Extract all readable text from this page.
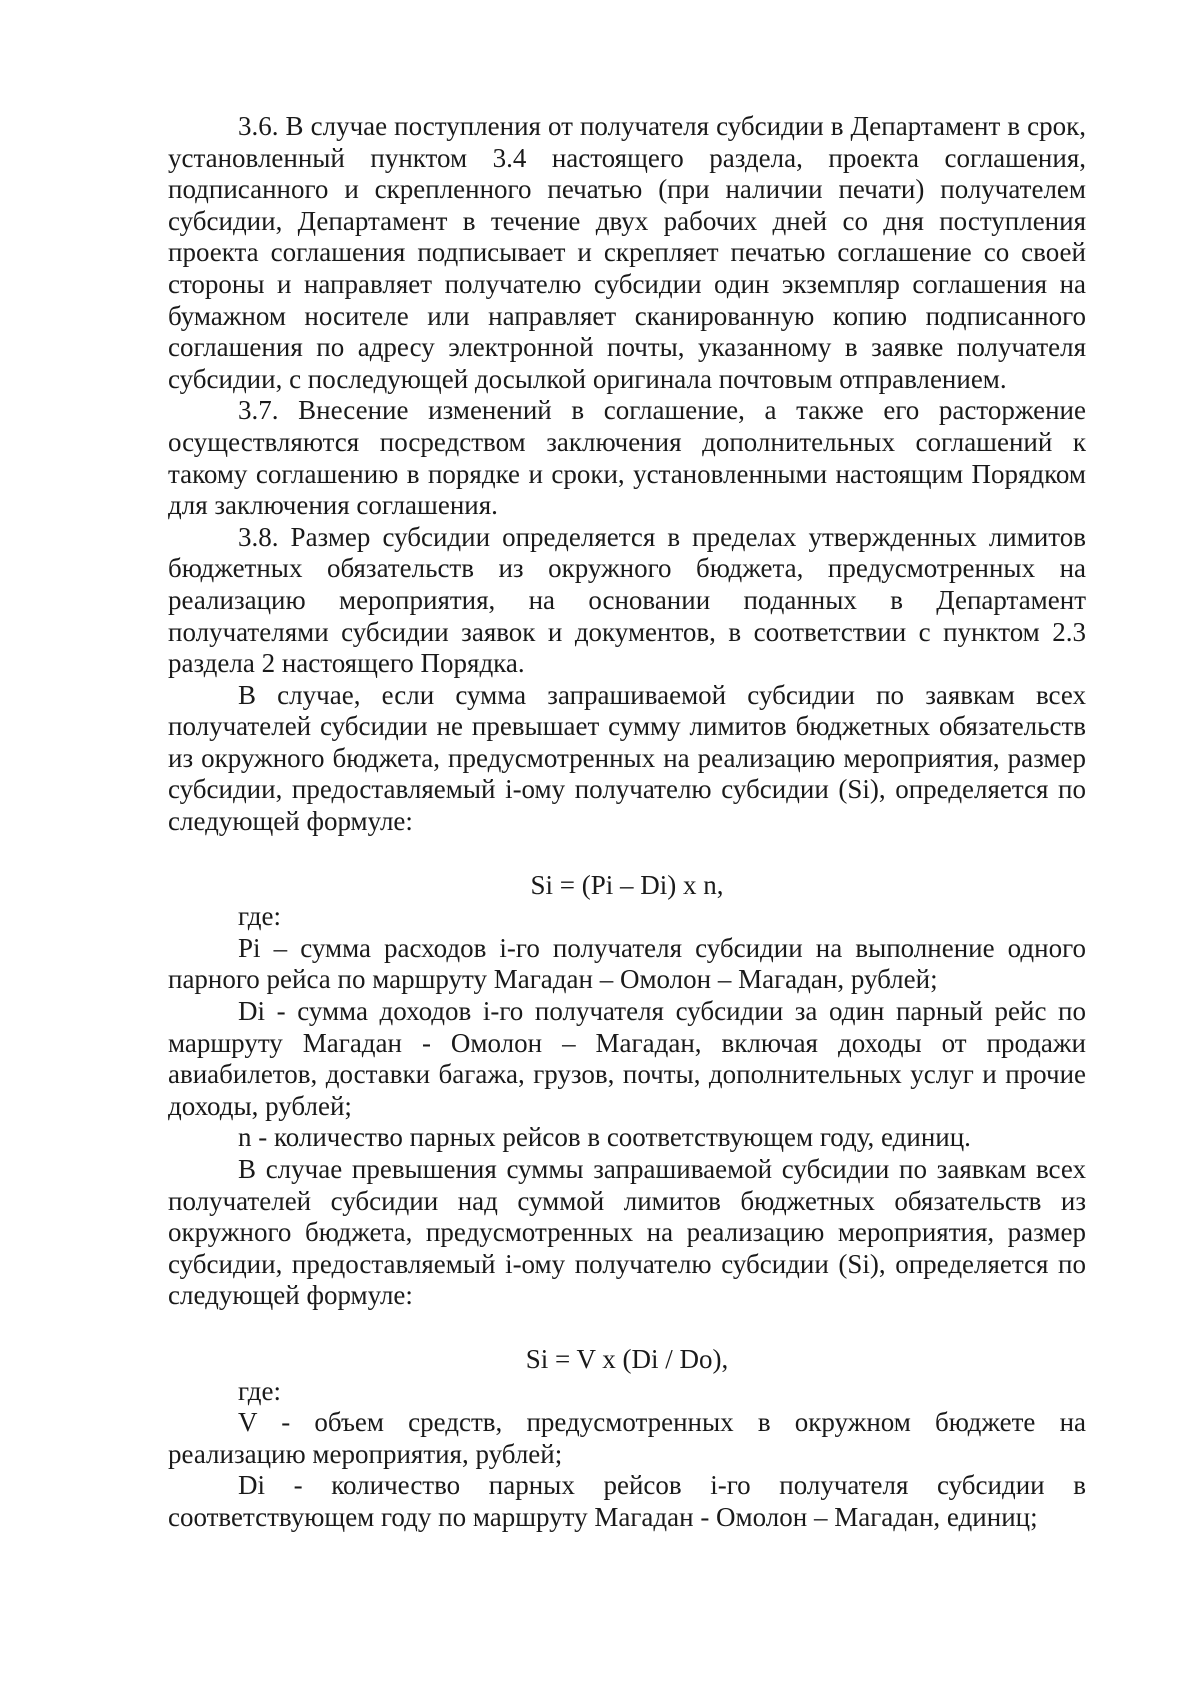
3.6. В случае поступления от получателя субсидии в Департамент в срок, установленный пунктом 3.4 настоящего раздела, проекта соглашения, подписанного и скрепленного печатью (при наличии печати) получателем субсидии, Департамент в течение двух рабочих дней со дня поступления проекта соглашения подписывает и скрепляет печатью соглашение со своей стороны и направляет получателю субсидии один экземпляр соглашения на бумажном носителе или направляет сканированную копию подписанного соглашения по адресу электронной почты, указанному в заявке получателя субсидии, с последующей досылкой оригинала почтовым отправлением.

3.7. Внесение изменений в соглашение, а также его расторжение осуществляются посредством заключения дополнительных соглашений к такому соглашению в порядке и сроки, установленными настоящим Порядком для заключения соглашения.

3.8. Размер субсидии определяется в пределах утвержденных лимитов бюджетных обязательств из окружного бюджета, предусмотренных на реализацию мероприятия, на основании поданных в Департамент получателями субсидии заявок и документов, в соответствии с пунктом 2.3 раздела 2 настоящего Порядка.

В случае, если сумма запрашиваемой субсидии по заявкам всех получателей субсидии не превышает сумму лимитов бюджетных обязательств из окружного бюджета, предусмотренных на реализацию мероприятия, размер субсидии, предоставляемый i-ому получателю субсидии (Si), определяется по следующей формуле:

Si = (Pi – Di) х n,

где:

Pi – сумма расходов i-го получателя субсидии на выполнение одного парного рейса по маршруту Магадан – Омолон – Магадан, рублей;

Di - сумма доходов i-го получателя субсидии за один парный рейс по маршруту Магадан - Омолон – Магадан, включая доходы от продажи авиабилетов, доставки багажа, грузов, почты, дополнительных услуг и прочие доходы, рублей;

n - количество парных рейсов в соответствующем году, единиц.

В случае превышения суммы запрашиваемой субсидии по заявкам всех получателей субсидии над суммой лимитов бюджетных обязательств из окружного бюджета, предусмотренных на реализацию мероприятия, размер субсидии, предоставляемый i-ому получателю субсидии (Si), определяется по следующей формуле:

Si = V x (Di / Do),

где:

V - объем средств, предусмотренных в окружном бюджете на реализацию мероприятия, рублей;

Di - количество парных рейсов i-го получателя субсидии в соответствующем году по маршруту Магадан - Омолон – Магадан, единиц;
